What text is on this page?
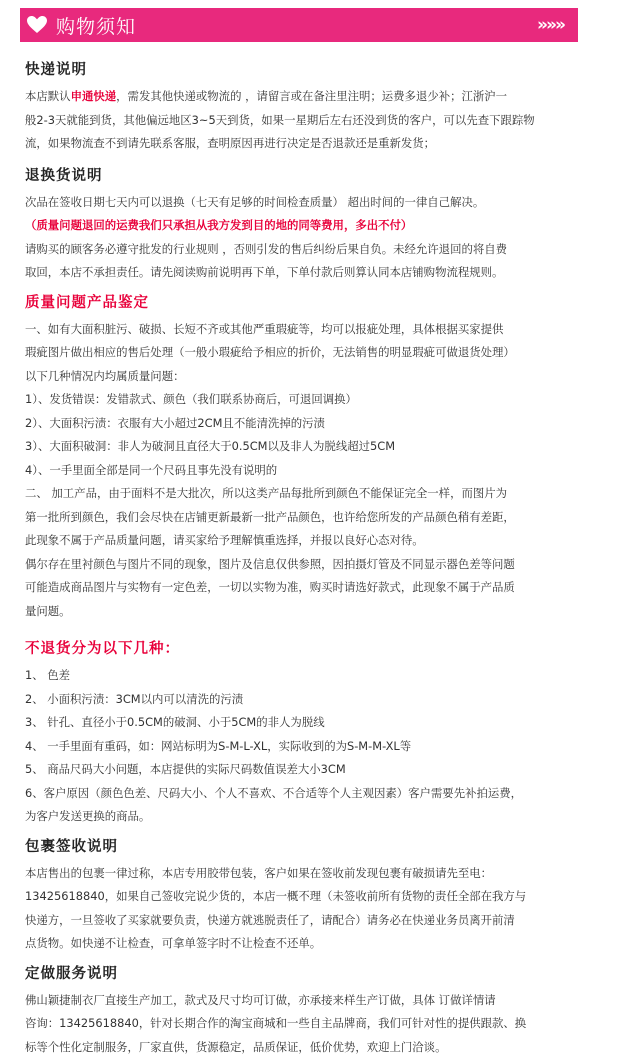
购物须知	»»»
快递说明

本店默认申通快递，需发其他快递或物流的 ，请留言或在备注里注明；运费多退少补；江浙沪一

般2-3天就能到货，其他偏远地区3~5天到货，如果一星期后左右还没到货的客户，可以先查下跟踪物

流，如果物流查不到请先联系客服，查明原因再进行决定是否退款还是重新发货；

退换货说明

次品在签收日期七天内可以退换（七天有足够的时间检查质量） 超出时间的一律自己解决。

（质量问题退回的运费我们只承担从我方发到目的地的同等费用，多出不付）

请购买的顾客务必遵守批发的行业规则 ，否则引发的售后纠纷后果自负。未经允许退回的将自费

取回，本店不承担责任。请先阅读购前说明再下单，下单付款后则算认同本店铺购物流程规则。

质量问题产品鉴定

一、如有大面积脏污、破损、长短不齐或其他严重瑕疵等，均可以报疵处理，具体根据买家提供

瑕疵图片做出相应的售后处理（一般小瑕疵给予相应的折价，无法销售的明显瑕疵可做退货处理）

以下几种情况内均属质量问题：

1）、发货错误：发错款式、颜色（我们联系协商后，可退回调换）

2）、大面积污渍：衣服有大小超过2CM且不能清洗掉的污渍

3）、大面积破洞：非人为破洞且直径大于0.5CM以及非人为脱线超过5CM

4）、一手里面全部是同一个尺码且事先没有说明的

二、 加工产品，由于面料不是大批次，所以这类产品每批所到颜色不能保证完全一样，而图片为

第一批所到颜色，我们会尽快在店铺更新最新一批产品颜色，也许给您所发的产品颜色稍有差距，

此现象不属于产品质量问题，请买家给予理解慎重选择，并报以良好心态对待。

偶尔存在里衬颜色与图片不同的现象，图片及信息仅供参照，因拍摄灯管及不同显示器色差等问题

可能造成商品图片与实物有一定色差，一切以实物为准，购买时请选好款式，此现象不属于产品质

量问题。

不退货分为以下几种：

1、 色差

2、 小面积污渍：3CM以内可以清洗的污渍

3、 针孔、直径小于0.5CM的破洞、小于5CM的非人为脱线

4、 一手里面有重码，如：网站标明为S-M-L-XL，实际收到的为S-M-M-XL等

5、 商品尺码大小问题，本店提供的实际尺码数值误差大小3CM

6、客户原因（颜色色差、尺码大小、个人不喜欢、不合适等个人主观因素）客户需要先补拍运费，

为客户发送更换的商品。

包裹签收说明

本店售出的包裹一律过称，本店专用胶带包装，客户如果在签收前发现包裹有破损请先至电：

13425618840，如果自己签收完说少货的，本店一概不理（未签收前所有货物的责任全部在我方与

快递方，一旦签收了买家就要负责，快递方就逃脱责任了，请配合）请务必在快递业务员离开前清

点货物。如快递不让检查，可拿单签字时不让检查不还单。

定做服务说明

佛山颖捷制衣厂直接生产加工，款式及尺寸均可订做，亦承接来样生产订做，具体 订做详情请

咨询：13425618840，针对长期合作的淘宝商城和一些自主品牌商，我们可针对性的提供跟款、换

标等个性化定制服务，厂家直供，货源稳定，品质保证，低价优势，欢迎上门洽谈。
